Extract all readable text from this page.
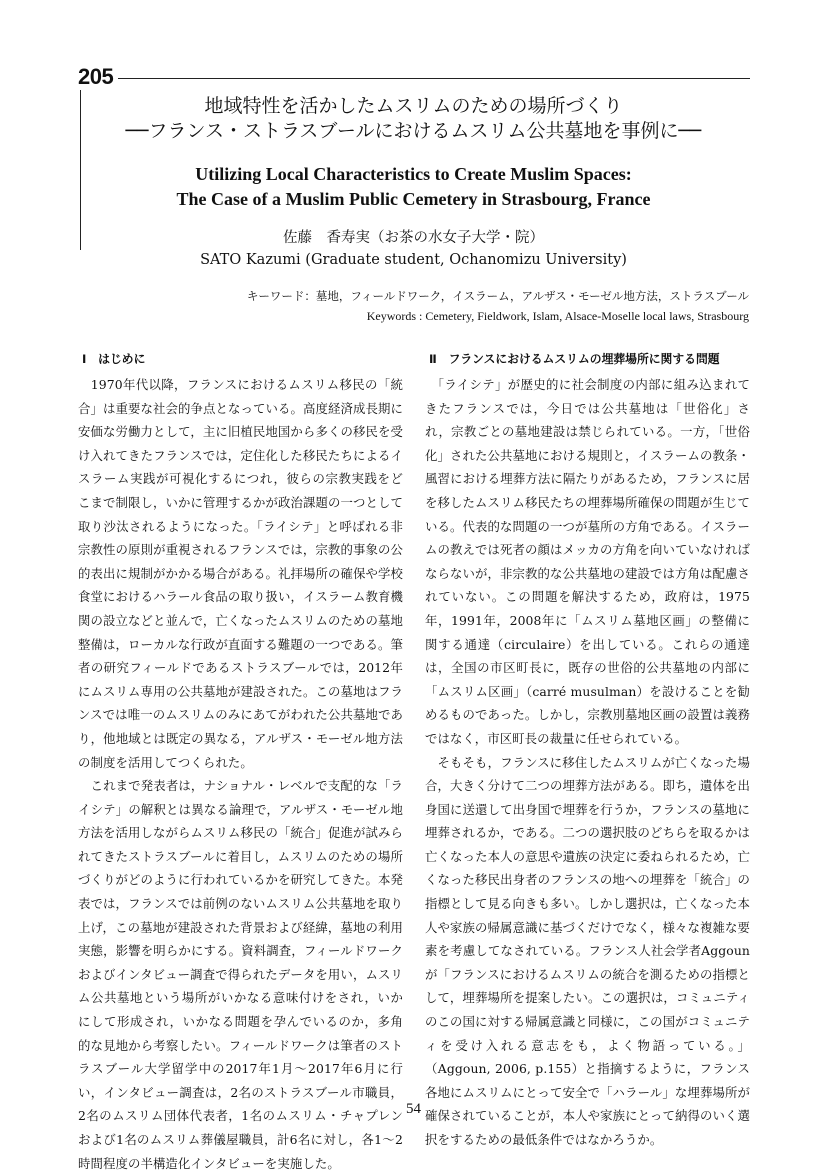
205
地域特性を活かしたムスリムのための場所づくり
──フランス・ストラスブールにおけるムスリム公共墓地を事例に──
Utilizing Local Characteristics to Create Muslim Spaces:
The Case of a Muslim Public Cemetery in Strasbourg, France
佐藤　香寿実（お茶の水女子大学・院）
SATO Kazumi (Graduate student, Ochanomizu University)
キーワード：墓地，フィールドワーク，イスラーム，アルザス・モーゼル地方法，ストラスブール
Keywords : Cemetery, Fieldwork, Islam, Alsace-Moselle local laws, Strasbourg
Ⅰ　はじめに

　1970年代以降，フランスにおけるムスリム移民の「統合」は重要な社会的争点となっている。高度経済成長期に安価な労働力として，主に旧植民地国から多くの移民を受け入れてきたフランスでは，定住化した移民たちによるイスラーム実践が可視化するにつれ，彼らの宗教実践をどこまで制限し，いかに管理するかが政治課題の一つとして取り沙汰されるようになった。「ライシテ」と呼ばれる非宗教性の原則が重視されるフランスでは，宗教的事象の公的表出に規制がかかる場合がある。礼拝場所の確保や学校食堂におけるハラール食品の取り扱い，イスラーム教育機関の設立などと並んで，亡くなったムスリムのための墓地整備は，ローカルな行政が直面する難題の一つである。筆者の研究フィールドであるストラスブールでは，2012年にムスリム専用の公共墓地が建設された。この墓地はフランスでは唯一のムスリムのみにあてがわれた公共墓地であり，他地域とは既定の異なる，アルザス・モーゼル地方法の制度を活用してつくられた。

　これまで発表者は，ナショナル・レベルで支配的な「ライシテ」の解釈とは異なる論理で，アルザス・モーゼル地方法を活用しながらムスリム移民の「統合」促進が試みられてきたストラスブールに着目し，ムスリムのための場所づくりがどのように行われているかを研究してきた。本発表では，フランスでは前例のないムスリム公共墓地を取り上げ，この墓地が建設された背景および経緯，墓地の利用実態，影響を明らかにする。資料調査，フィールドワークおよびインタビュー調査で得られたデータを用い，ムスリム公共墓地という場所がいかなる意味付けをされ，いかにして形成され，いかなる問題を孕んでいるのか，多角的な見地から考察したい。フィールドワークは筆者のストラスブール大学留学中の2017年1月～2017年6月に行い，インタビュー調査は，2名のストラスブール市職員，2名のムスリム団体代表者，1名のムスリム・チャプレンおよび1名のムスリム葬儀屋職員，計6名に対し，各1～2時間程度の半構造化インタビューを実施した。

Ⅱ　フランスにおけるムスリムの埋葬場所に関する問題

　「ライシテ」が歴史的に社会制度の内部に組み込まれてきたフランスでは，今日では公共墓地は「世俗化」され，宗教ごとの墓地建設は禁じられている。一方，「世俗化」された公共墓地における規則と，イスラームの教条・風習における埋葬方法に隔たりがあるため，フランスに居を移したムスリム移民たちの埋葬場所確保の問題が生じている。代表的な問題の一つが墓所の方角である。イスラームの教えでは死者の顔はメッカの方角を向いていなければならないが，非宗教的な公共墓地の建設では方角は配慮されていない。この問題を解決するため，政府は，1975年，1991年，2008年に「ムスリム墓地区画」の整備に関する通達（circulaire）を出している。これらの通達は，全国の市区町長に，既存の世俗的公共墓地の内部に「ムスリム区画」（carré musulman）を設けることを勧めるものであった。しかし，宗教別墓地区画の設置は義務ではなく，市区町長の裁量に任せられている。

　そもそも，フランスに移住したムスリムが亡くなった場合，大きく分けて二つの埋葬方法がある。即ち，遺体を出身国に送還して出身国で埋葬を行うか，フランスの墓地に埋葬されるか，である。二つの選択肢のどちらを取るかは亡くなった本人の意思や遺族の決定に委ねられるため，亡くなった移民出身者のフランスの地への埋葬を「統合」の指標として見る向きも多い。しかし選択は，亡くなった本人や家族の帰属意識に基づくだけでなく，様々な複雑な要素を考慮してなされている。フランス人社会学者Aggounが「フランスにおけるムスリムの統合を測るための指標として，埋葬場所を提案したい。この選択は，コミュニティのこの国に対する帰属意識と同様に，この国がコミュニティを受け入れる意志をも，よく物語っている。」（Aggoun, 2006, p.155）と指摘するように，フランス各地にムスリムにとって安全で「ハラール」な埋葬場所が確保されていることが，本人や家族にとって納得のいく選択をするための最低条件ではなかろうか。

54
